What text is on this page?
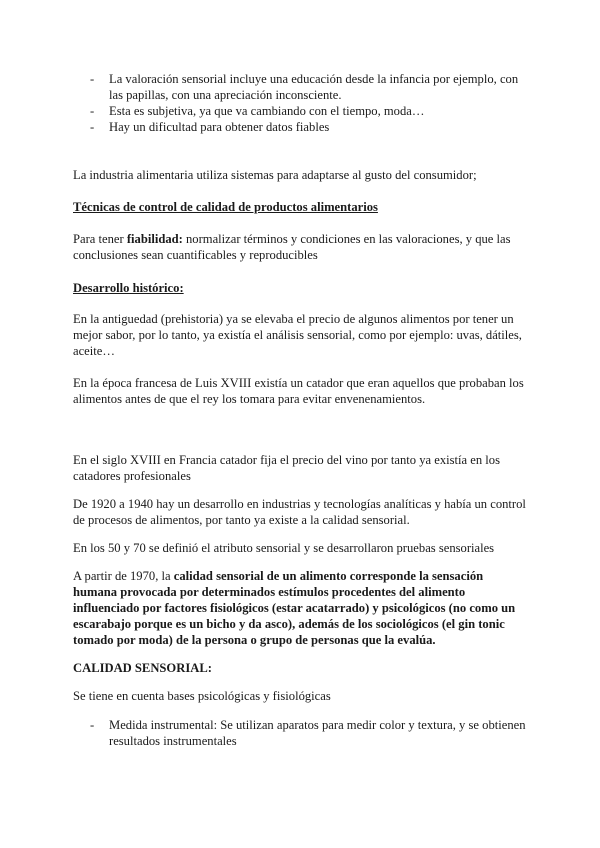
- La valoración sensorial incluye una educación desde la infancia por ejemplo, con las papillas, con una apreciación inconsciente.
- Esta es subjetiva, ya que va cambiando con el tiempo, moda…
- Hay un dificultad para obtener datos fiables
La industria alimentaria utiliza sistemas para adaptarse al gusto del consumidor;
Técnicas de control de calidad de productos alimentarios
Para tener fiabilidad: normalizar términos y condiciones en las valoraciones, y que las conclusiones sean cuantificables y reproducibles
Desarrollo histórico:
En la antiguedad (prehistoria) ya se elevaba el precio de algunos alimentos por tener un mejor sabor, por lo tanto, ya existía el análisis sensorial, como por ejemplo: uvas, dátiles, aceite…
En la época francesa de Luis XVIII existía un catador que eran aquellos que probaban los alimentos antes de que el rey los tomara para evitar envenenamientos.
En el siglo XVIII en Francia catador fija el precio del vino por tanto ya existía en los catadores profesionales
De 1920 a 1940 hay un desarrollo en industrias y tecnologías analíticas y había un control de procesos de alimentos, por tanto ya existe a la calidad sensorial.
En los 50 y 70 se definió el atributo sensorial y se desarrollaron pruebas sensoriales
A partir de 1970, la calidad sensorial de un alimento corresponde la sensación humana provocada por determinados estímulos procedentes del alimento influenciado por factores fisiológicos (estar acatarrado) y psicológicos (no como un escarabajo porque es un bicho y da asco), además de los sociológicos (el gin tonic tomado por moda) de la persona o grupo de personas que la evalúa.
CALIDAD SENSORIAL:
Se tiene en cuenta bases psicológicas y fisiológicas
- Medida instrumental: Se utilizan aparatos para medir color y textura, y se obtienen resultados instrumentales
